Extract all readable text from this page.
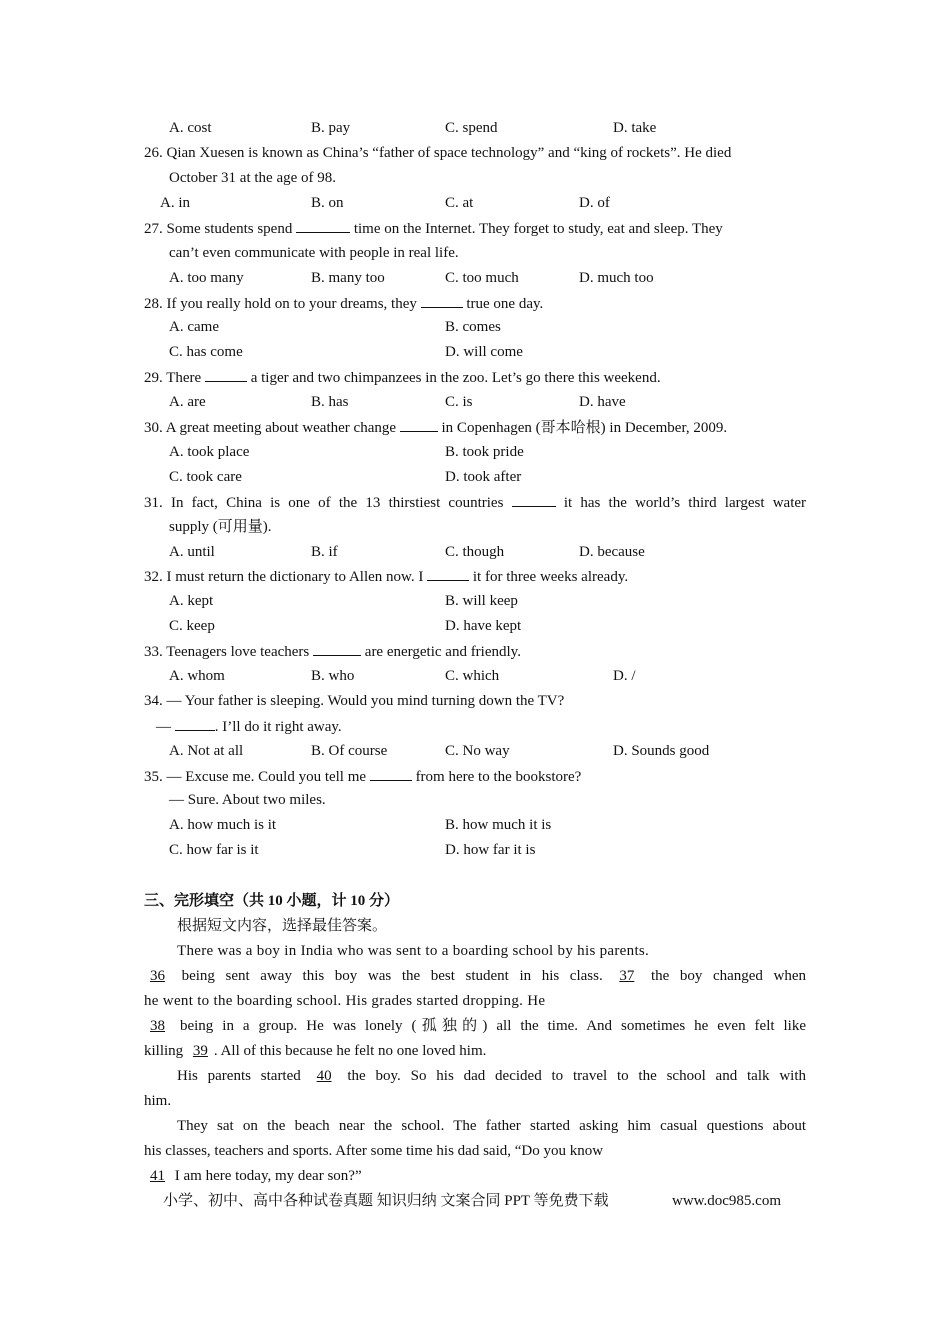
A. cost	B. pay	C. spend	D. take
26. Qian Xuesen is known as China’s “father of space technology” and “king of rockets”. He died
October 31 at the age of 98.
A. in	B. on	C. at	D. of
27. Some students spend	time on the Internet. They forget to study, eat and sleep. They
can’t even communicate with people in real life.
A. too many	B. many too	C. too much	D. much too
28. If you really hold on to your dreams, they	true one day.
A. came	B. comes
C. has come	D. will come
29. There	a tiger and two chimpanzees in the zoo. Let’s go there this weekend.
A. are	B. has	C. is	D. have
30. A great meeting about weather change	in Copenhagen (哥本哈根) in December, 2009.
A. took place	B. took pride
C. took care	D. took after
31. In fact, China is one of the 13 thirstiest countries	it has the world’s third largest water
supply (可用量).
A. until	B. if	C. though	D. because
32. I must return the dictionary to Allen now. I	it for three weeks already.
A. kept	B. will keep
C. keep	D. have kept
33. Teenagers love teachers	are energetic and friendly.
A. whom	B. who	C. which	D. /
34. — Your father is sleeping. Would you mind turning down the TV?
—	. I’ll do it right away.
A. Not at all	B. Of course	C. No way	D. Sounds good
35. — Excuse me. Could you tell me	from here to the bookstore?
— Sure. About two miles.
A. how much is it	B. how much it is
C. how far is it	D. how far it is
三、完形填空（共 10 小题，计 10 分）
根据短文内容，选择最佳答案。
There was a boy in India who was sent to a boarding school by his parents.
36 being sent away this boy was the best student in his class. 37 the boy changed when
he went to the boarding school. His grades started dropping. He
38 being in a group. He was lonely (孤独的) all the time. And sometimes he even felt like
killing 39 . All of this because he felt no one loved him.
His parents started 40 the boy. So his dad decided to travel to the school and talk with
him.
They sat on the beach near the school. The father started asking him casual questions about
his classes, teachers and sports. After some time his dad said, “Do you know
41 I am here today, my dear son?”
小学、初中、高中各种试卷真题 知识归纳 文案合同 PPT 等免费下载	www.doc985.com
